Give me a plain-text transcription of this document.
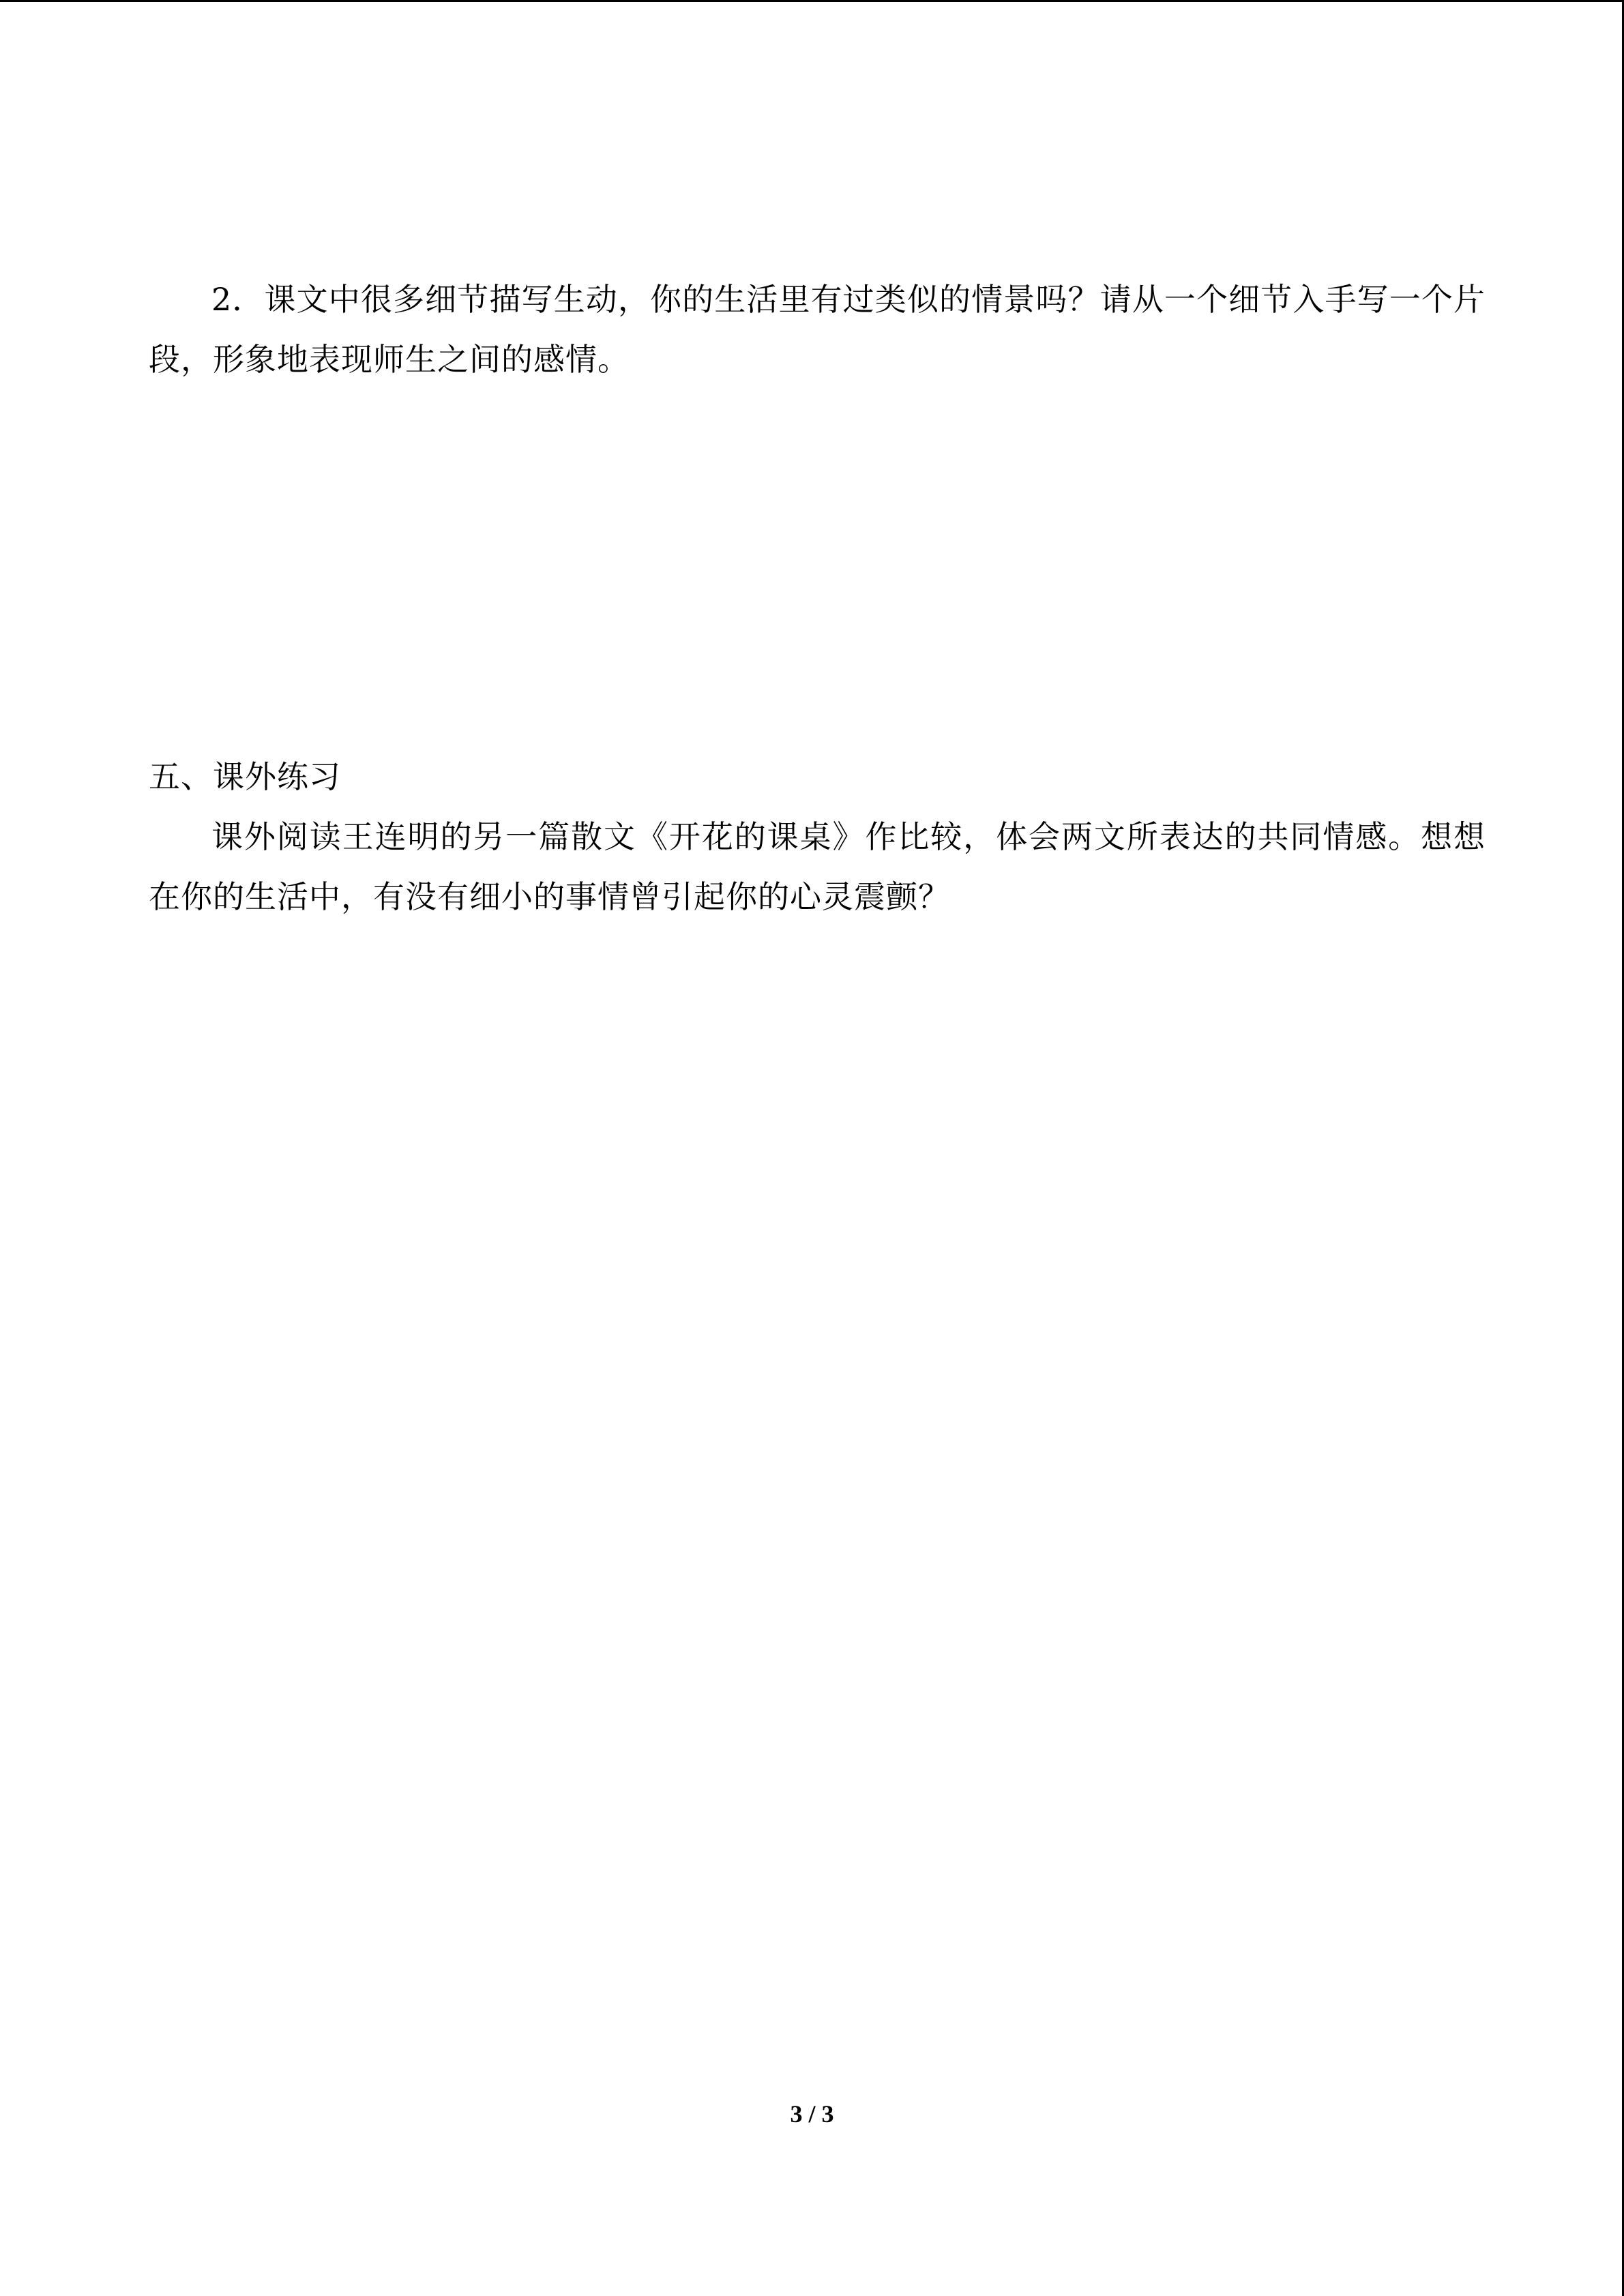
2．课文中很多细节描写生动，你的生活里有过类似的情景吗？请从一个细节入手写一个片段，形象地表现师生之间的感情。

五、课外练习

课外阅读王连明的另一篇散文《开花的课桌》作比较，体会两文所表达的共同情感。想想在你的生活中，有没有细小的事情曾引起你的心灵震颤？

3 / 3
